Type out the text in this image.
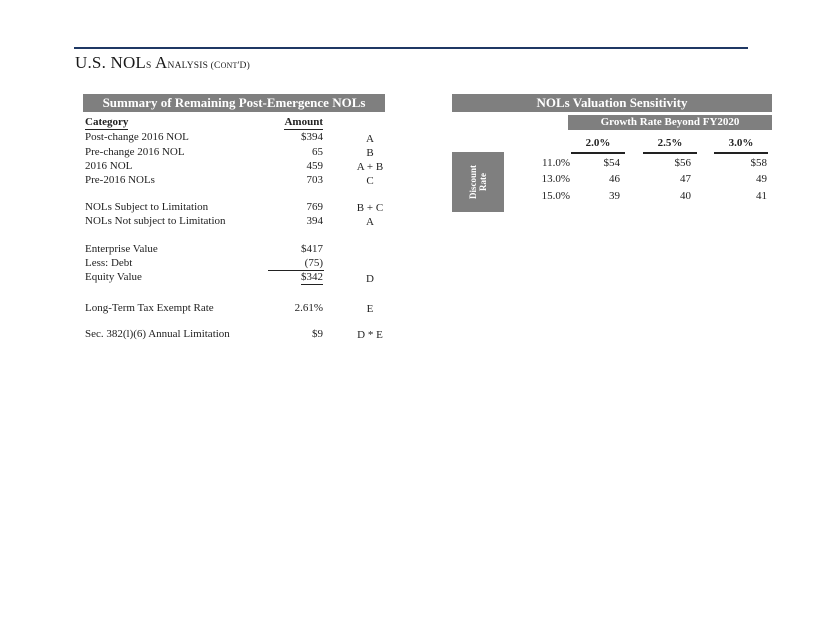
U.S. NOLS ANALYSIS (CONT'D)
Summary of Remaining Post-Emergence NOLs
Category	Amount
Post-change 2016 NOL	$394	A
Pre-change 2016 NOL	65	B
2016 NOL	459	A + B
Pre-2016 NOLs	703	C
NOLs Subject to Limitation	769	B + C
NOLs Not subject to Limitation	394	A
Enterprise Value	$417
Less: Debt	(75)
Equity Value	$342	D
Long-Term Tax Exempt Rate	2.61%	E
Sec. 382(l)(6) Annual Limitation	$9	D * E
NOLs Valuation Sensitivity
Growth Rate Beyond FY2020
2.0%	2.5%	3.0%
Discount
Rate
11.0%	$54	$56	$58
13.0%	46	47	49
15.0%	39	40	41
